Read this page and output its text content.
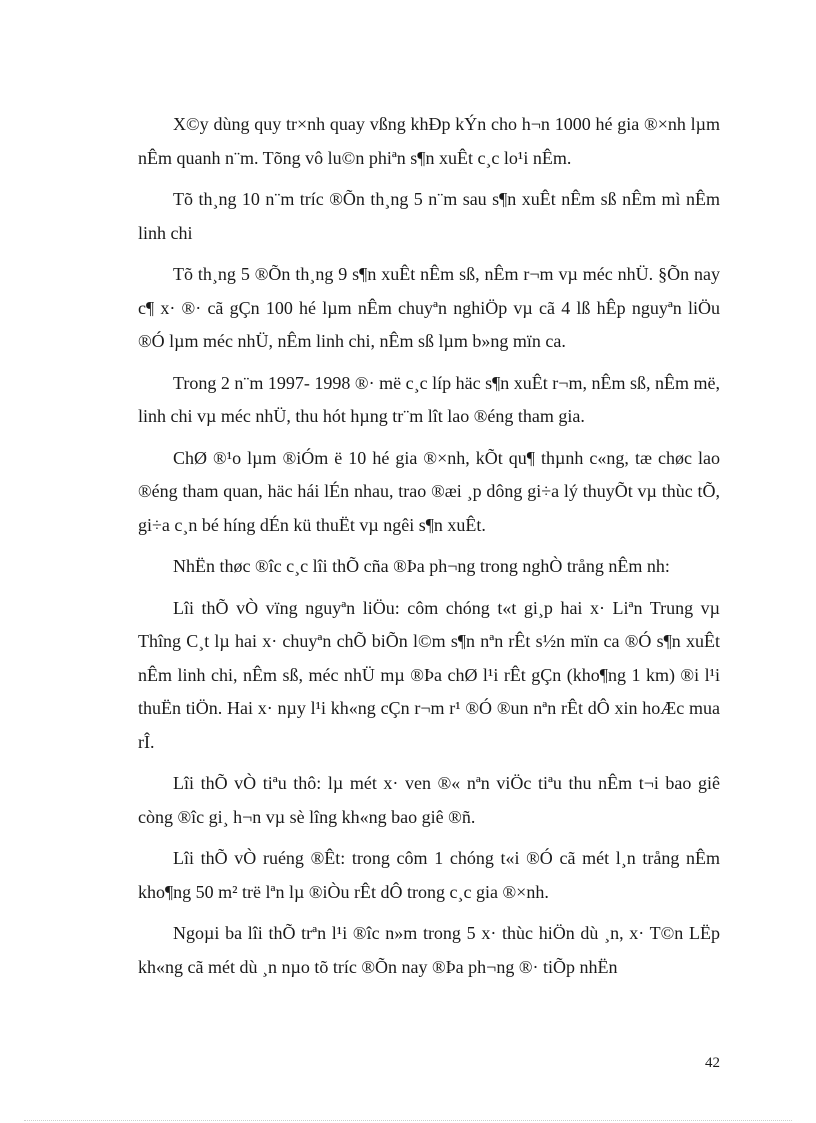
X©y dùng quy tr×nh quay vßng khÐp kÝn cho h¬n 1000 hé gia ®×nh lµm nÊm quanh n¨m. Tõng vô lu©n phiªn s¶n xuÊt c¸c lo¹i nÊm.

Tõ th¸ng 10 n¨m tríc ®Õn th¸ng 5 n¨m sau s¶n xuÊt nÊm sß nÊm mì nÊm linh chi

Tõ th¸ng 5 ®Õn th¸ng 9 s¶n xuÊt nÊm sß, nÊm r¬m vµ méc nhÜ. §Õn nay c¶ x· ®· cã gÇn 100 hé lµm nÊm chuyªn nghiÖp vµ cã 4 lß hÊp nguyªn liÖu ®Ó lµm méc nhÜ, nÊm linh chi, nÊm sß lµm b»ng mïn ca.

Trong 2 n¨m 1997- 1998 ®· më c¸c líp häc s¶n xuÊt r¬m, nÊm sß, nÊm më, linh chi vµ méc nhÜ, thu hót hµng tr¨m lît lao ®éng tham gia.

ChØ ®¹o lµm ®iÓm ë 10 hé gia ®×nh, kÕt qu¶ thµnh c«ng, tæ chøc lao ®éng tham quan, häc hái lÉn nhau, trao ®æi ¸p dông gi÷a lý thuyÕt vµ thùc tÕ, gi÷a c¸n bé híng dÉn kü thuËt vµ ngêi s¶n xuÊt.

NhËn thøc ®îc c¸c lîi thÕ cña ®Þa ph¬ng trong nghÒ trång nÊm nh:

Lîi thÕ vÒ vïng nguyªn liÖu: côm chóng t«t gi¸p hai x· Liªn Trung vµ Thîng C¸t lµ hai x· chuyªn chÕ biÕn l©m s¶n nªn rÊt s½n mïn ca ®Ó s¶n xuÊt nÊm linh chi, nÊm sß, méc nhÜ mµ ®Þa chØ l¹i rÊt gÇn (kho¶ng 1 km) ®i l¹i thuËn tiÖn. Hai x· nµy l¹i kh«ng cÇn r¬m r¹ ®Ó ®un nªn rÊt dÔ xin hoÆc mua rÎ.

Lîi thÕ vÒ tiªu thô: lµ mét x· ven ®« nªn viÖc tiªu thu nÊm t¬i bao giê còng ®îc gi¸ h¬n vµ sè lîng kh«ng bao giê ®ñ.

Lîi thÕ vÒ ruéng ®Êt: trong côm 1 chóng t«i ®Ó cã mét l¸n trång nÊm kho¶ng 50 m² trë lªn lµ ®iÒu rÊt dÔ trong c¸c gia ®×nh.

Ngoµi ba lîi thÕ trªn l¹i ®îc n»m trong 5 x· thùc hiÖn dù ¸n, x· T©n LËp kh«ng cã mét dù ¸n nµo tõ tríc ®Õn nay ®Þa ph¬ng ®· tiÕp nhËn

42
